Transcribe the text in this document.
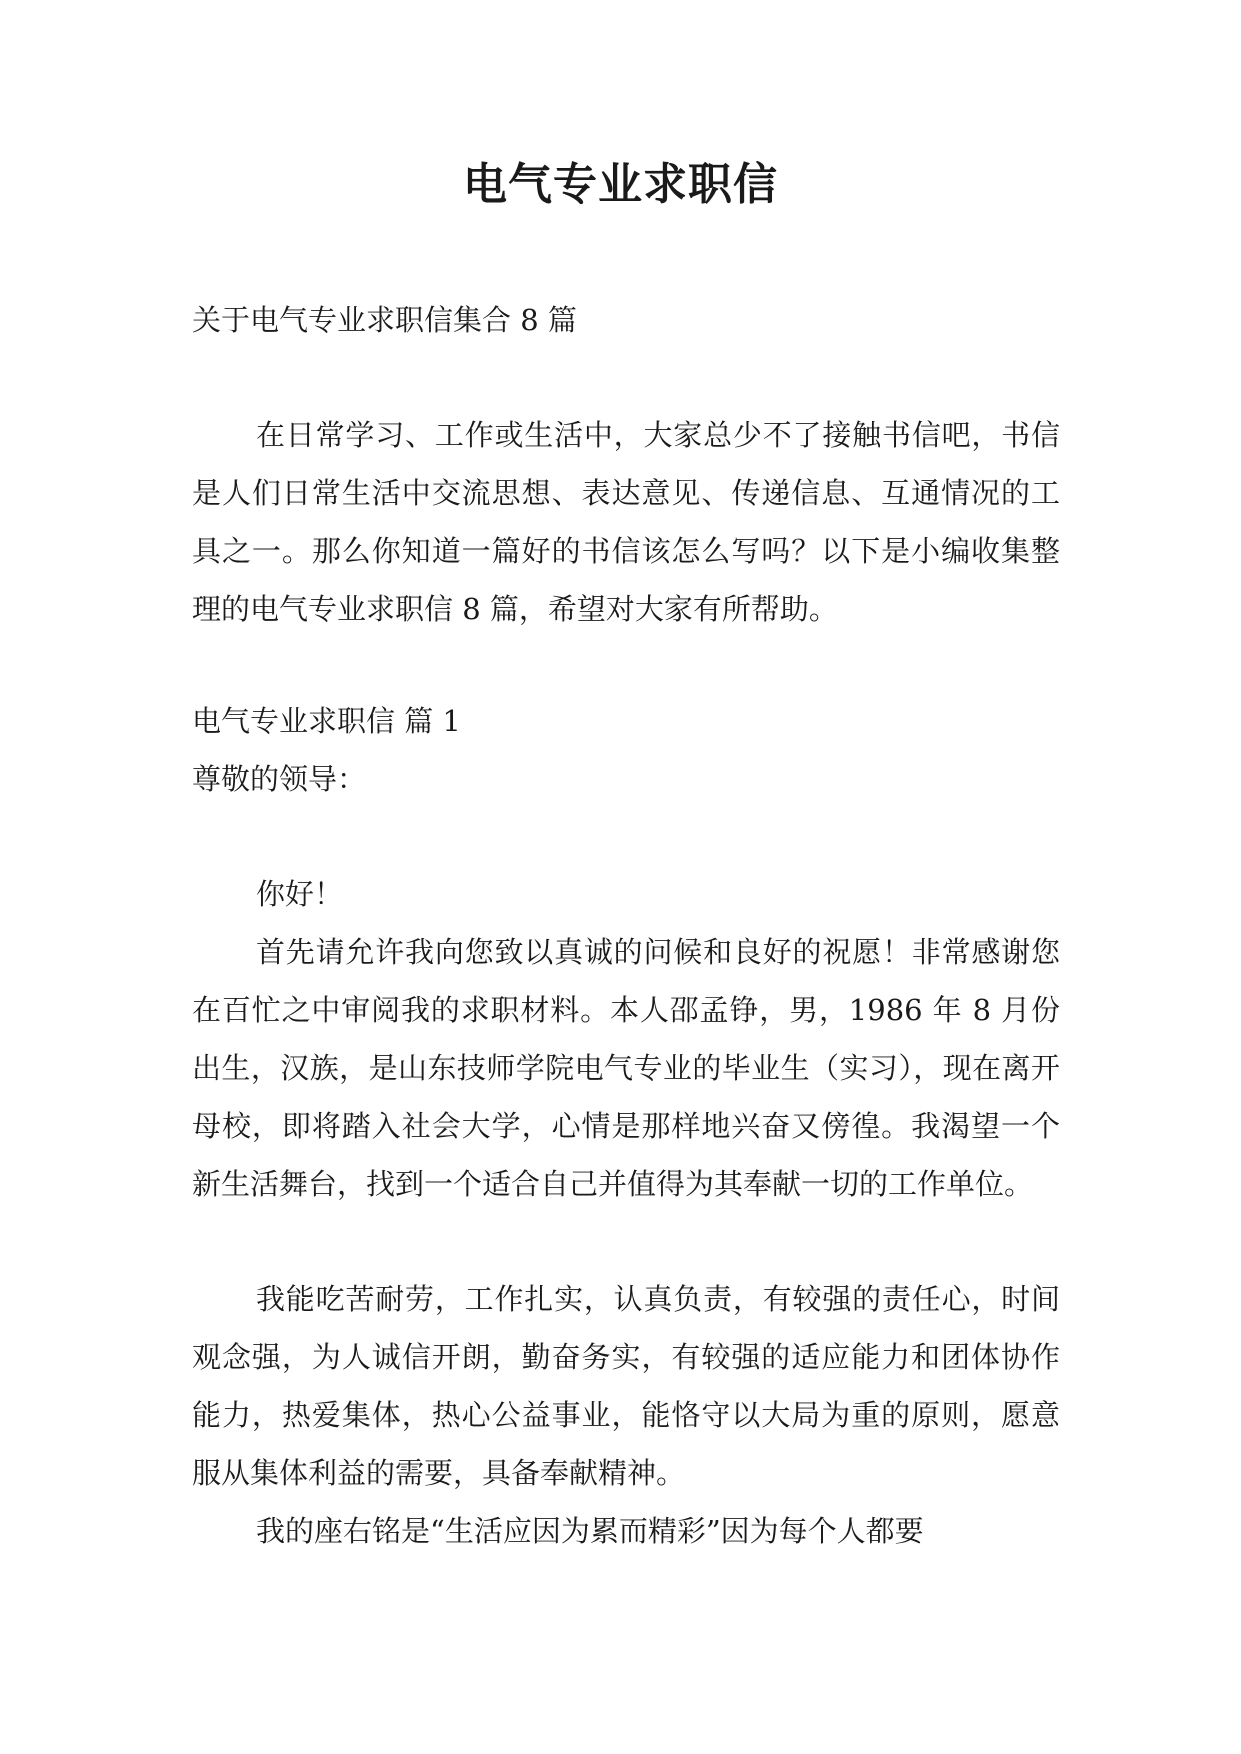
电气专业求职信

关于电气专业求职信集合 8 篇

在日常学习、工作或生活中，大家总少不了接触书信吧，书信是人们日常生活中交流思想、表达意见、传递信息、互通情况的工具之一。那么你知道一篇好的书信该怎么写吗？以下是小编收集整理的电气专业求职信 8 篇，希望对大家有所帮助。

电气专业求职信 篇 1

尊敬的领导：

你好！

首先请允许我向您致以真诚的问候和良好的祝愿！非常感谢您在百忙之中审阅我的求职材料。本人邵孟铮，男，1986 年 8 月份出生，汉族，是山东技师学院电气专业的毕业生（实习），现在离开母校，即将踏入社会大学，心情是那样地兴奋又傍徨。我渴望一个新生活舞台，找到一个适合自己并值得为其奉献一切的工作单位。

我能吃苦耐劳，工作扎实，认真负责，有较强的责任心，时间观念强，为人诚信开朗，勤奋务实，有较强的适应能力和团体协作能力，热爱集体，热心公益事业，能恪守以大局为重的原则，愿意服从集体利益的需要，具备奉献精神。

我的座右铭是“生活应因为累而精彩”因为每个人都要
